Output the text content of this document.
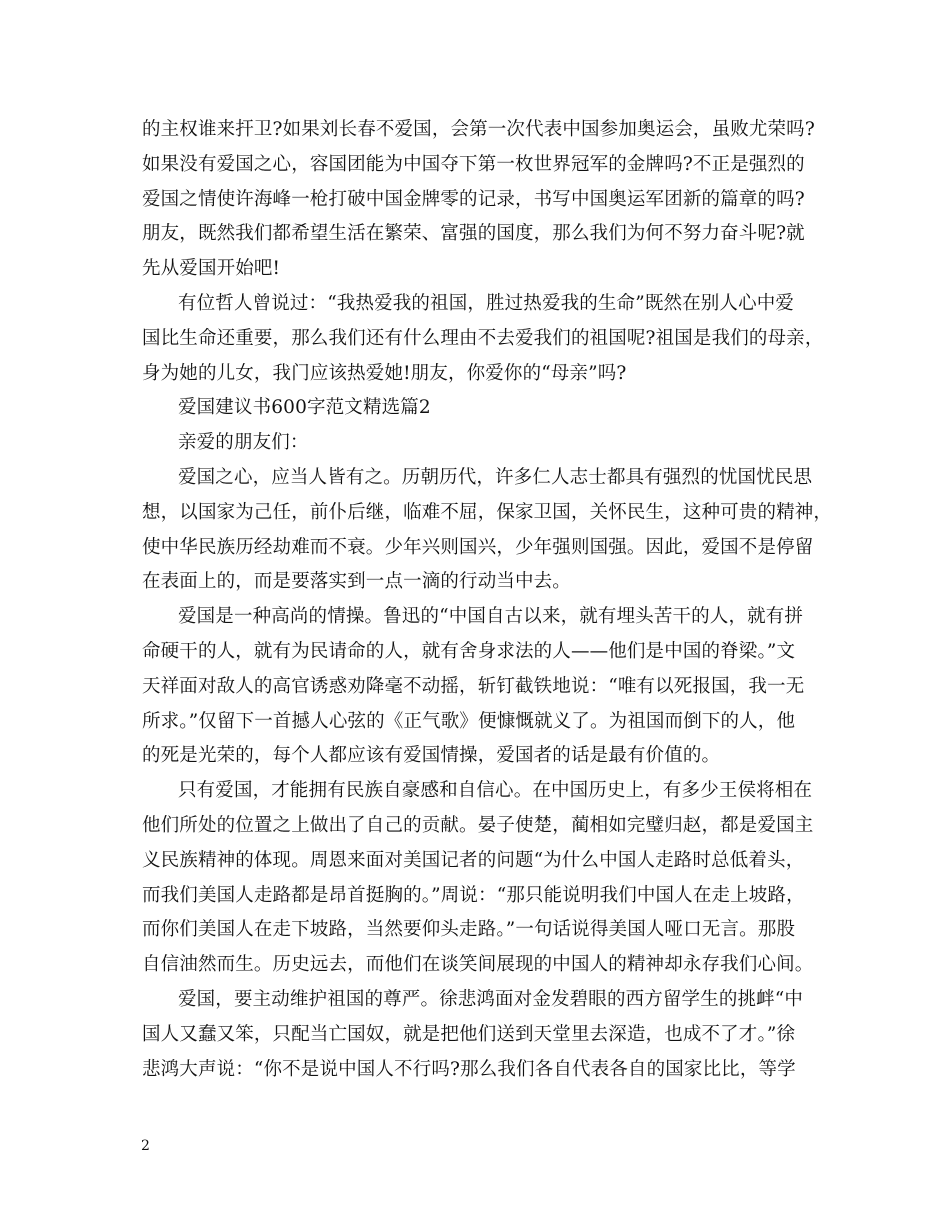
的主权谁来扞卫?如果刘长春不爱国，会第一次代表中国参加奥运会，虽败尤荣吗?
如果没有爱国之心，容国团能为中国夺下第一枚世界冠军的金牌吗?不正是强烈的
爱国之情使许海峰一枪打破中国金牌零的记录，书写中国奥运军团新的篇章的吗?
朋友，既然我们都希望生活在繁荣、富强的国度，那么我们为何不努力奋斗呢?就
先从爱国开始吧!
有位哲人曾说过：“我热爱我的祖国，胜过热爱我的生命”既然在别人心中爱
国比生命还重要，那么我们还有什么理由不去爱我们的祖国呢?祖国是我们的母亲，
身为她的儿女，我门应该热爱她!朋友，你爱你的“母亲”吗?
爱国建议书600字范文精选篇2
亲爱的朋友们：
爱国之心，应当人皆有之。历朝历代，许多仁人志士都具有强烈的忧国忧民思
想，以国家为己任，前仆后继，临难不屈，保家卫国，关怀民生，这种可贵的精神，
使中华民族历经劫难而不衰。少年兴则国兴，少年强则国强。因此，爱国不是停留
在表面上的，而是要落实到一点一滴的行动当中去。
爱国是一种高尚的情操。鲁迅的“中国自古以来，就有埋头苦干的人，就有拼
命硬干的人，就有为民请命的人，就有舍身求法的人——他们是中国的脊梁。”文
天祥面对敌人的高官诱惑劝降毫不动摇，斩钉截铁地说：“唯有以死报国，我一无
所求。”仅留下一首撼人心弦的《正气歌》便慷慨就义了。为祖国而倒下的人，他
的死是光荣的，每个人都应该有爱国情操，爱国者的话是最有价值的。
只有爱国，才能拥有民族自豪感和自信心。在中国历史上，有多少王侯将相在
他们所处的位置之上做出了自己的贡献。晏子使楚，蔺相如完璧归赵，都是爱国主
义民族精神的体现。周恩来面对美国记者的问题“为什么中国人走路时总低着头，
而我们美国人走路都是昂首挺胸的。”周说：“那只能说明我们中国人在走上坡路，
而你们美国人在走下坡路，当然要仰头走路。”一句话说得美国人哑口无言。那股
自信油然而生。历史远去，而他们在谈笑间展现的中国人的精神却永存我们心间。
爱国，要主动维护祖国的尊严。徐悲鸿面对金发碧眼的西方留学生的挑衅“中
国人又蠢又笨，只配当亡国奴，就是把他们送到天堂里去深造，也成不了才。”徐
悲鸿大声说：“你不是说中国人不行吗?那么我们各自代表各自的国家比比，等学
2
